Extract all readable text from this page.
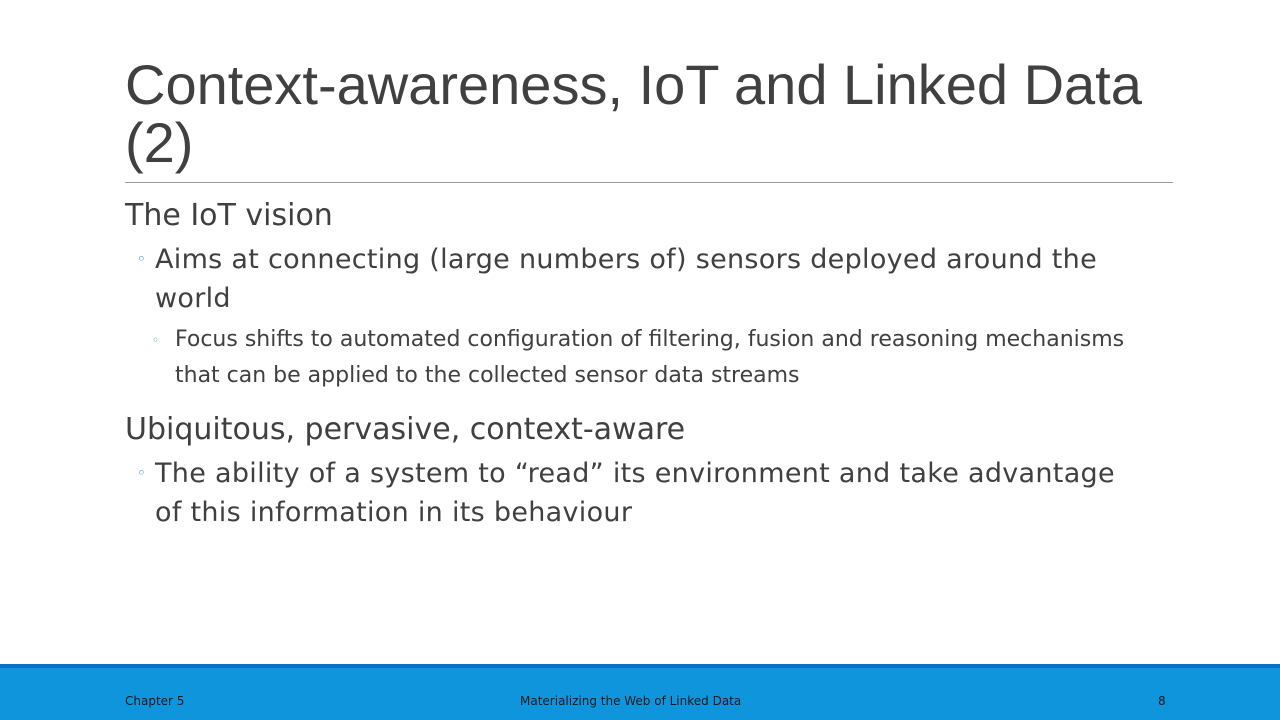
Context-awareness, IoT and Linked Data (2)

The IoT vision

◦ Aims at connecting (large numbers of) sensors deployed around the world
◦ Focus shifts to automated configuration of filtering, fusion and reasoning mechanisms that can be applied to the collected sensor data streams

Ubiquitous, pervasive, context-aware

◦ The ability of a system to “read” its environment and take advantage of this information in its behaviour
Chapter 5	Materializing the Web of Linked Data	8
